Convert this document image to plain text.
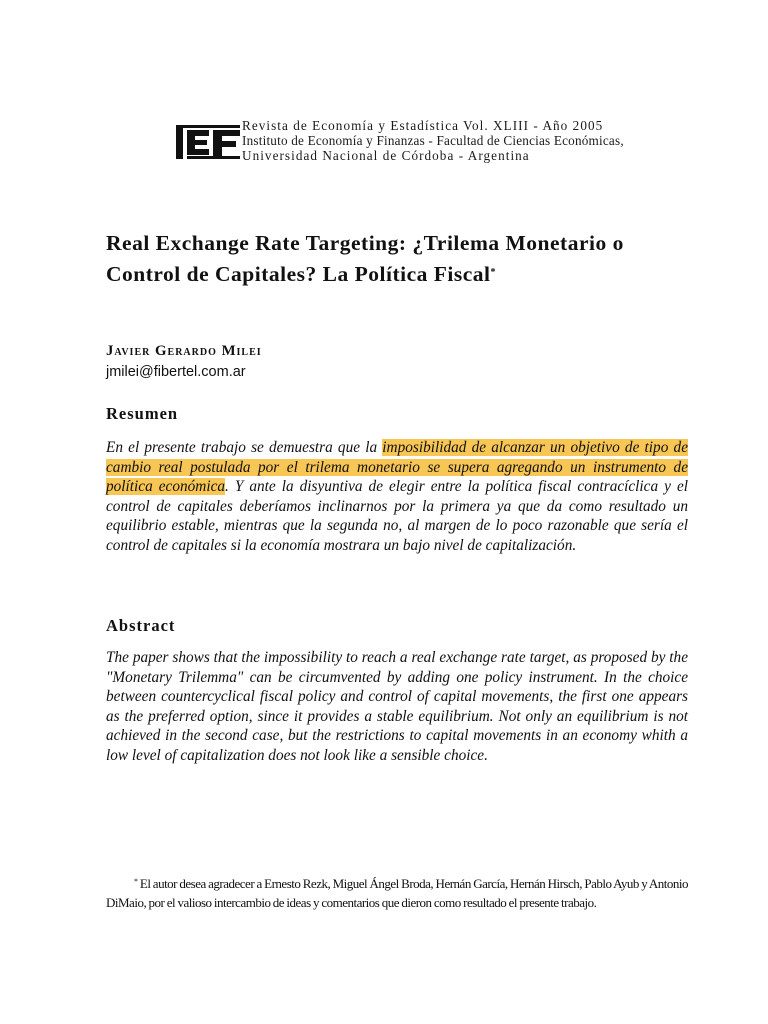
Revista de Economía y Estadística Vol. XLIII - Año 2005
Instituto de Economía y Finanzas - Facultad de Ciencias Económicas,
Universidad Nacional de Córdoba - Argentina
Real Exchange Rate Targeting: ¿Trilema Monetario o Control de Capitales? La Política Fiscal*
Javier Gerardo Milei
jmilei@fibertel.com.ar
Resumen

En el presente trabajo se demuestra que la imposibilidad de alcanzar un objetivo de tipo de cambio real postulada por el trilema monetario se supera agregando un instrumento de política económica. Y ante la disyuntiva de elegir entre la política fiscal contracíclica y el control de capitales deberíamos inclinarnos por la primera ya que da como resultado un equilibrio estable, mientras que la segunda no, al margen de lo poco razonable que sería el control de capitales si la economía mostrara un bajo nivel de capitalización.

Abstract

The paper shows that the impossibility to reach a real exchange rate target, as proposed by the "Monetary Trilemma" can be circumvented by adding one policy instrument. In the choice between countercyclical fiscal policy and control of capital movements, the first one appears as the preferred option, since it provides a stable equilibrium. Not only an equilibrium is not achieved in the second case, but the restrictions to capital movements in an economy whith a low level of capitalization does not look like a sensible choice.

* El autor desea agradecer a Ernesto Rezk, Miguel Ángel Broda, Hernán García, Hernán Hirsch, Pablo Ayub y Antonio DiMaio, por el valioso intercambio de ideas y comentarios que dieron como resultado el presente trabajo.
